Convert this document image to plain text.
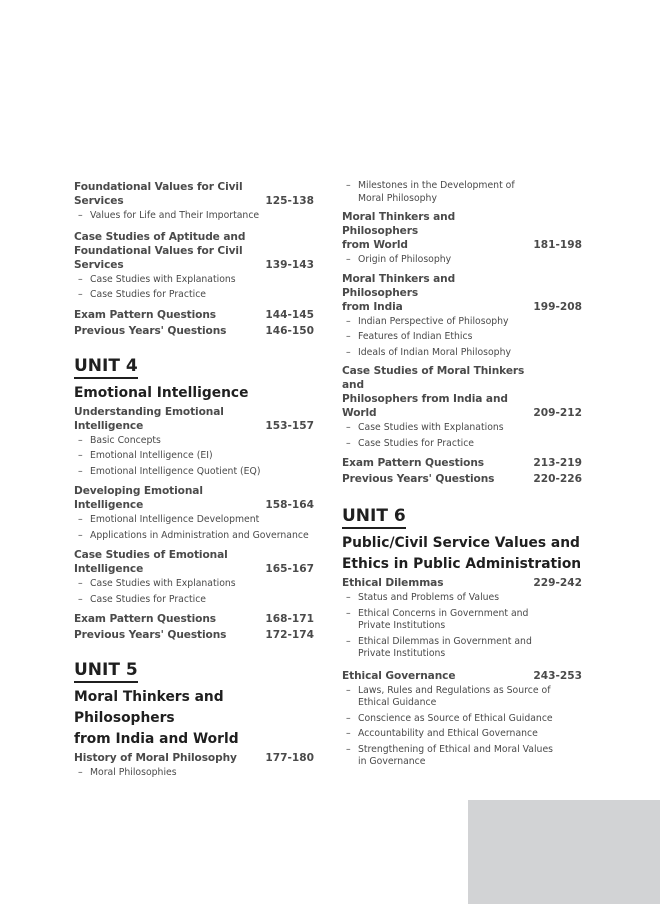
Foundational Values for Civil Services	125-138
– Values for Life and Their Importance
Case Studies of Aptitude and
Foundational Values for Civil Services	139-143
– Case Studies with Explanations
– Case Studies for Practice
Exam Pattern Questions	144-145
Previous Years' Questions	146-150
UNIT 4
Emotional Intelligence
Understanding Emotional
Intelligence	153-157
– Basic Concepts
– Emotional Intelligence (EI)
– Emotional Intelligence Quotient (EQ)
Developing Emotional Intelligence	158-164
– Emotional Intelligence Development
– Applications in Administration and Governance
Case Studies of Emotional
Intelligence	165-167
– Case Studies with Explanations
– Case Studies for Practice
Exam Pattern Questions	168-171
Previous Years' Questions	172-174
UNIT 5
Moral Thinkers and Philosophers
from India and World
History of Moral Philosophy	177-180
– Moral Philosophies
– Milestones in the Development of
Moral Philosophy
Moral Thinkers and Philosophers
from World	181-198
– Origin of Philosophy
Moral Thinkers and Philosophers
from India	199-208
– Indian Perspective of Philosophy
– Features of Indian Ethics
– Ideals of Indian Moral Philosophy
Case Studies of Moral Thinkers and
Philosophers from India and World	209-212
– Case Studies with Explanations
– Case Studies for Practice
Exam Pattern Questions	213-219
Previous Years' Questions	220-226
UNIT 6
Public/Civil Service Values and
Ethics in Public Administration
Ethical Dilemmas	229-242
– Status and Problems of Values
– Ethical Concerns in Government and
Private Institutions
– Ethical Dilemmas in Government and
Private Institutions
Ethical Governance	243-253
– Laws, Rules and Regulations as Source of
Ethical Guidance
– Conscience as Source of Ethical Guidance
– Accountability and Ethical Governance
– Strengthening of Ethical and Moral Values
in Governance
